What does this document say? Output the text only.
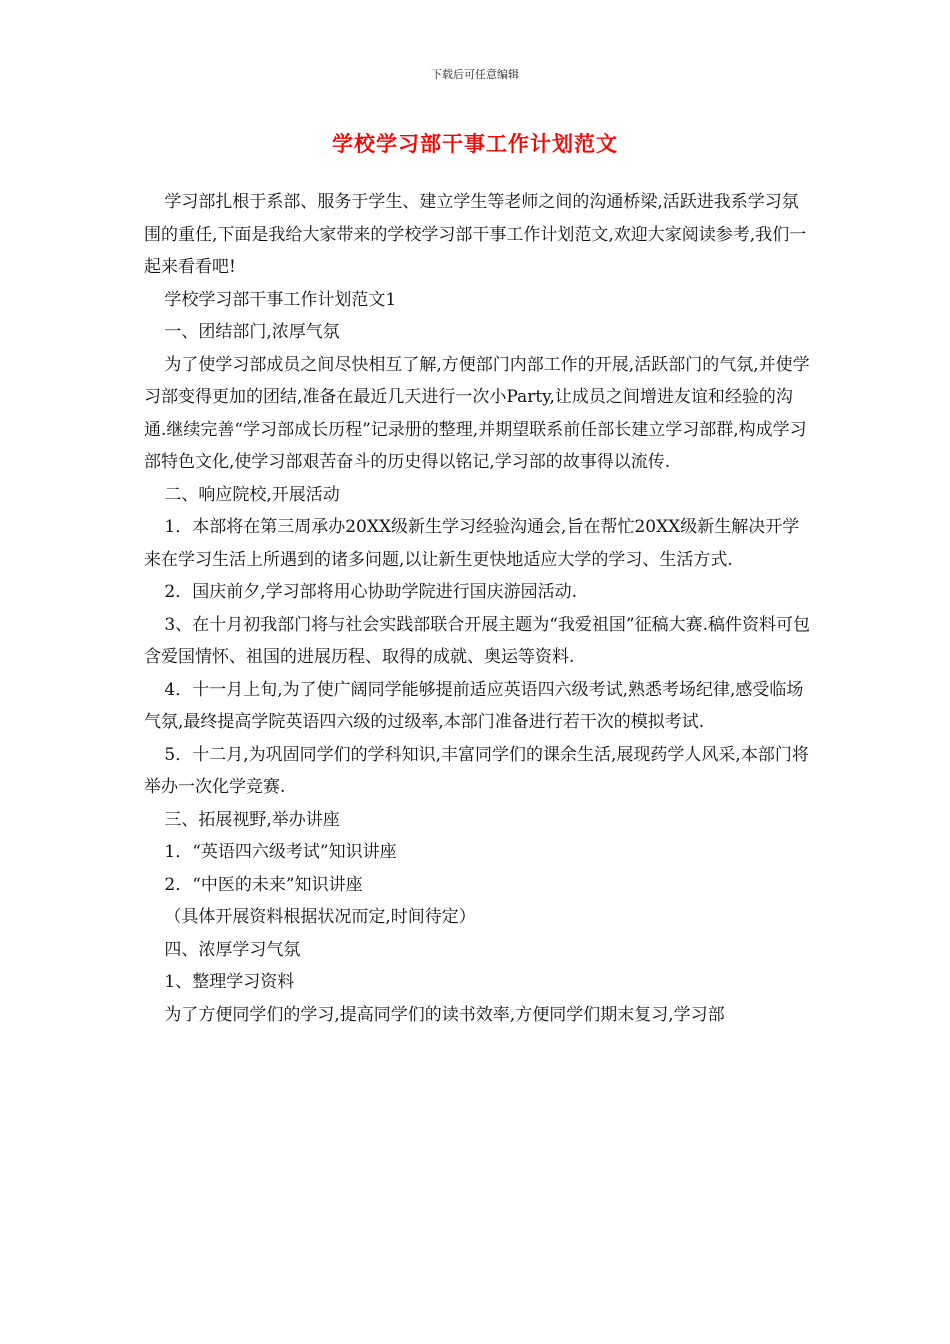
下载后可任意编辑
学校学习部干事工作计划范文

学习部扎根于系部、服务于学生、建立学生等老师之间的沟通桥梁,活跃进我系学习氛围的重任,下面是我给大家带来的学校学习部干事工作计划范文,欢迎大家阅读参考,我们一起来看看吧!

学校学习部干事工作计划范文1

一、团结部门,浓厚气氛

为了使学习部成员之间尽快相互了解,方便部门内部工作的开展,活跃部门的气氛,并使学习部变得更加的团结,准备在最近几天进行一次小Party,让成员之间增进友谊和经验的沟通.继续完善“学习部成长历程”记录册的整理,并期望联系前任部长建立学习部群,构成学习部特色文化,使学习部艰苦奋斗的历史得以铭记,学习部的故事得以流传.

二、响应院校,开展活动

1．本部将在第三周承办20XX级新生学习经验沟通会,旨在帮忙20XX级新生解决开学来在学习生活上所遇到的诸多问题,以让新生更快地适应大学的学习、生活方式.

2．国庆前夕,学习部将用心协助学院进行国庆游园活动.

3、在十月初我部门将与社会实践部联合开展主题为“我爱祖国”征稿大赛.稿件资料可包含爱国情怀、祖国的进展历程、取得的成就、奥运等资料.

4．十一月上旬,为了使广阔同学能够提前适应英语四六级考试,熟悉考场纪律,感受临场气氛,最终提高学院英语四六级的过级率,本部门准备进行若干次的模拟考试.

5．十二月,为巩固同学们的学科知识,丰富同学们的课余生活,展现药学人风采,本部门将举办一次化学竞赛.

三、拓展视野,举办讲座

1．“英语四六级考试”知识讲座

2．“中医的未来”知识讲座

（具体开展资料根据状况而定,时间待定）

四、浓厚学习气氛

1、整理学习资料

为了方便同学们的学习,提高同学们的读书效率,方便同学们期末复习,学习部
